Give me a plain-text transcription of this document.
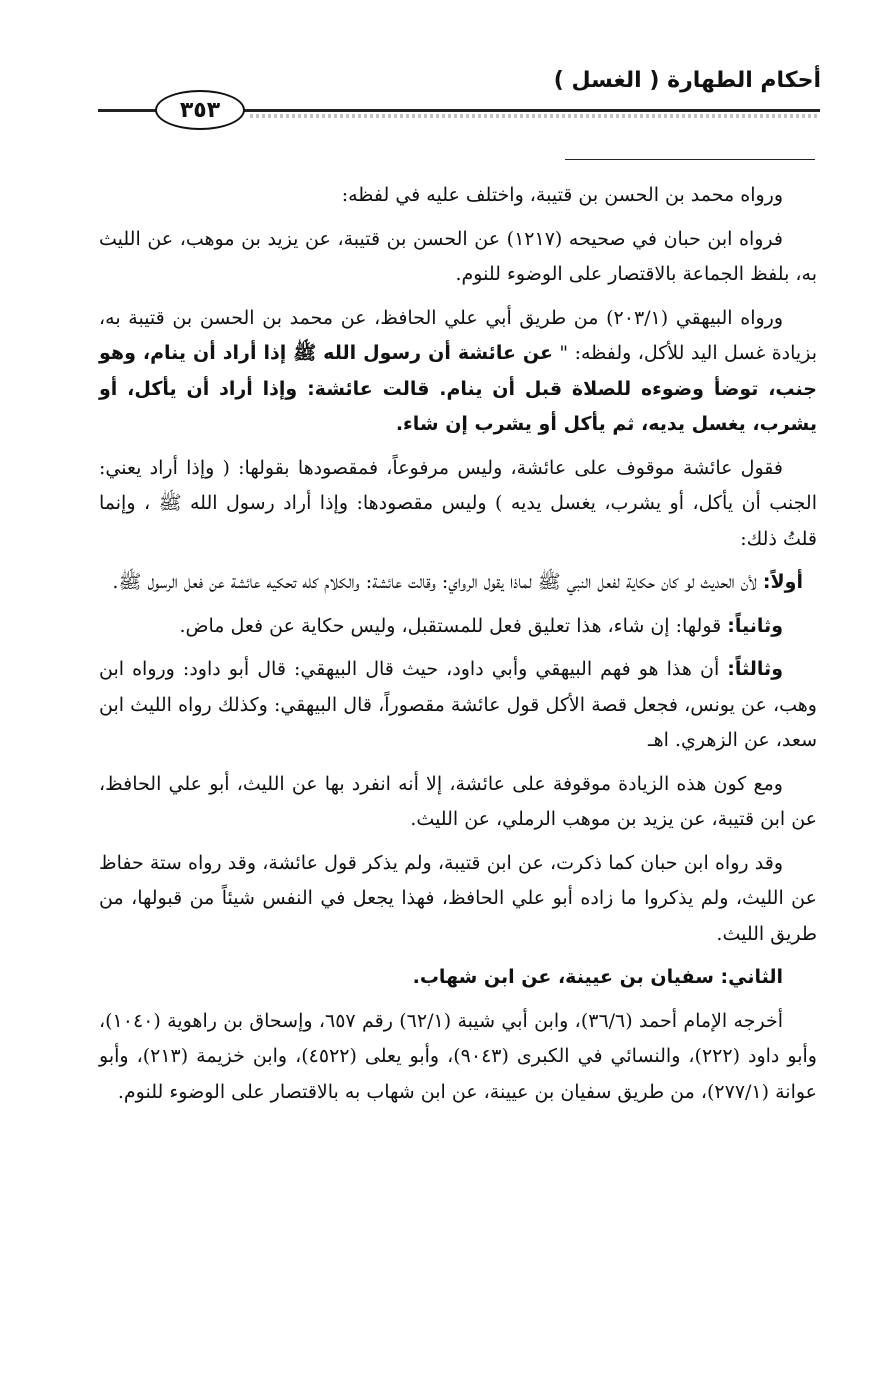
أحكام الطهارة ( الغسل )
٣٥٣

ورواه محمد بن الحسن بن قتيبة، واختلف عليه في لفظه:

فرواه ابن حبان في صحيحه (١٢١٧) عن الحسن بن قتيبة، عن يزيد بن موهب، عن الليث به، بلفظ الجماعة بالاقتصار على الوضوء للنوم.

ورواه البيهقي (٢٠٣/١) من طريق أبي علي الحافظ، عن محمد بن الحسن بن قتيبة به، بزيادة غسل اليد للأكل، ولفظه: " عن عائشة أن رسول الله ﷺ إذا أراد أن ينام، وهو جنب، توضأ وضوءه للصلاة قبل أن ينام. قالت عائشة: وإذا أراد أن يأكل، أو يشرب، يغسل يديه، ثم يأكل أو يشرب إن شاء.

فقول عائشة موقوف على عائشة، وليس مرفوعاً، فمقصودها بقولها: ( وإذا أراد يعني: الجنب أن يأكل، أو يشرب، يغسل يديه ) وليس مقصودها: وإذا أراد رسول الله ﷺ ، وإنما قلتُ ذلك:

أولاً: لأن الحديث لو كان حكاية لفعل النبي ﷺ لماذا يقول الرواي: وقالت عائشة: والكلام كله تحكيه عائشة عن فعل الرسول ﷺ.

وثانياً: قولها: إن شاء، هذا تعليق فعل للمستقبل، وليس حكاية عن فعل ماض.

وثالثاً: أن هذا هو فهم البيهقي وأبي داود، حيث قال البيهقي: قال أبو داود: ورواه ابن وهب، عن يونس، فجعل قصة الأكل قول عائشة مقصوراً، قال البيهقي: وكذلك رواه الليث ابن سعد، عن الزهري. اهـ

ومع كون هذه الزيادة موقوفة على عائشة، إلا أنه انفرد بها عن الليث، أبو علي الحافظ، عن ابن قتيبة، عن يزيد بن موهب الرملي، عن الليث.

وقد رواه ابن حبان كما ذكرت، عن ابن قتيبة، ولم يذكر قول عائشة، وقد رواه ستة حفاظ عن الليث، ولم يذكروا ما زاده أبو علي الحافظ، فهذا يجعل في النفس شيئاً من قبولها، من طريق الليث.

الثاني: سفيان بن عيينة، عن ابن شهاب.

أخرجه الإمام أحمد (٣٦/٦)، وابن أبي شيبة (٦٢/١) رقم ٦٥٧، وإسحاق بن راهوية (١٠٤٠)، وأبو داود (٢٢٢)، والنسائي في الكبرى (٩٠٤٣)، وأبو يعلى (٤٥٢٢)، وابن خزيمة (٢١٣)، وأبو عوانة (٢٧٧/١)، من طريق سفيان بن عيينة، عن ابن شهاب به بالاقتصار على الوضوء للنوم.
